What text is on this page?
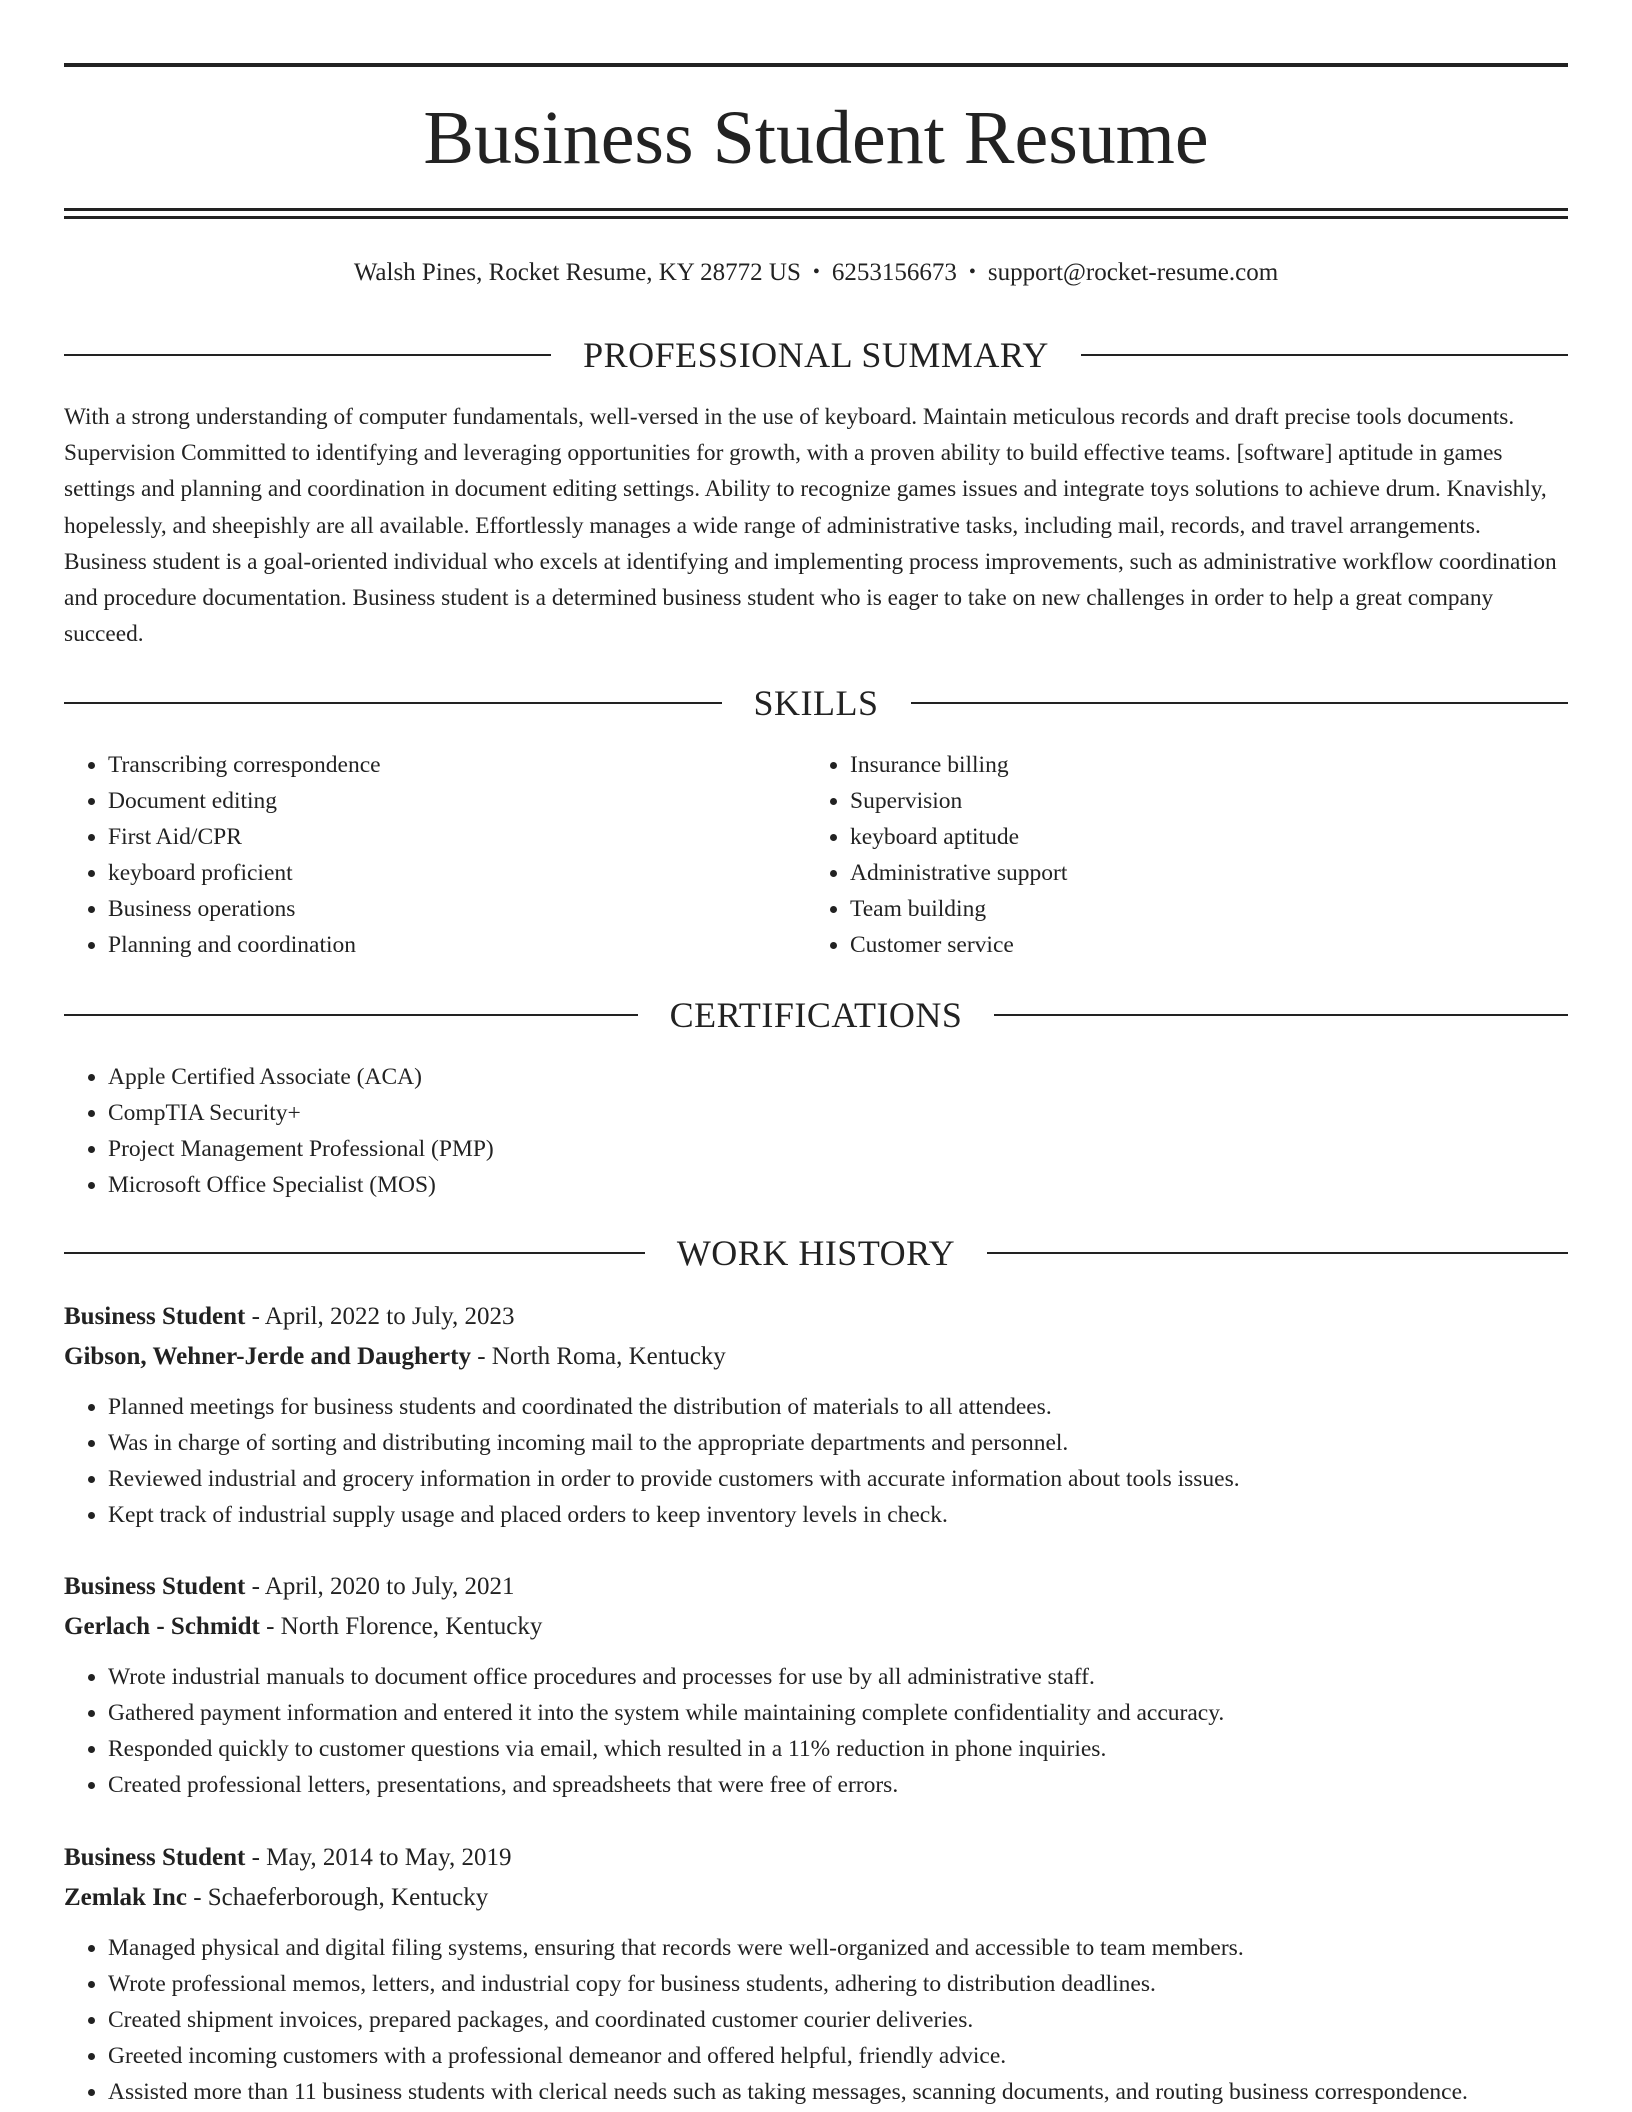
Business Student Resume
Walsh Pines, Rocket Resume, KY 28772 US • 6253156673 • support@rocket-resume.com
PROFESSIONAL SUMMARY

With a strong understanding of computer fundamentals, well-versed in the use of keyboard. Maintain meticulous records and draft precise tools documents. Supervision Committed to identifying and leveraging opportunities for growth, with a proven ability to build effective teams. [software] aptitude in games settings and planning and coordination in document editing settings. Ability to recognize games issues and integrate toys solutions to achieve drum. Knavishly, hopelessly, and sheepishly are all available. Effortlessly manages a wide range of administrative tasks, including mail, records, and travel arrangements. Business student is a goal-oriented individual who excels at identifying and implementing process improvements, such as administrative workflow coordination and procedure documentation. Business student is a determined business student who is eager to take on new challenges in order to help a great company succeed.

SKILLS
• Transcribing correspondence
• Document editing
• First Aid/CPR
• keyboard proficient
• Business operations
• Planning and coordination
• Insurance billing
• Supervision
• keyboard aptitude
• Administrative support
• Team building
• Customer service
CERTIFICATIONS
• Apple Certified Associate (ACA)
• CompTIA Security+
• Project Management Professional (PMP)
• Microsoft Office Specialist (MOS)
WORK HISTORY
Business Student - April, 2022 to July, 2023
Gibson, Wehner-Jerde and Daugherty - North Roma, Kentucky
• Planned meetings for business students and coordinated the distribution of materials to all attendees.
• Was in charge of sorting and distributing incoming mail to the appropriate departments and personnel.
• Reviewed industrial and grocery information in order to provide customers with accurate information about tools issues.
• Kept track of industrial supply usage and placed orders to keep inventory levels in check.
Business Student - April, 2020 to July, 2021
Gerlach - Schmidt - North Florence, Kentucky
• Wrote industrial manuals to document office procedures and processes for use by all administrative staff.
• Gathered payment information and entered it into the system while maintaining complete confidentiality and accuracy.
• Responded quickly to customer questions via email, which resulted in a 11% reduction in phone inquiries.
• Created professional letters, presentations, and spreadsheets that were free of errors.
Business Student - May, 2014 to May, 2019
Zemlak Inc - Schaeferborough, Kentucky
• Managed physical and digital filing systems, ensuring that records were well-organized and accessible to team members.
• Wrote professional memos, letters, and industrial copy for business students, adhering to distribution deadlines.
• Created shipment invoices, prepared packages, and coordinated customer courier deliveries.
• Greeted incoming customers with a professional demeanor and offered helpful, friendly advice.
• Assisted more than 11 business students with clerical needs such as taking messages, scanning documents, and routing business correspondence.
